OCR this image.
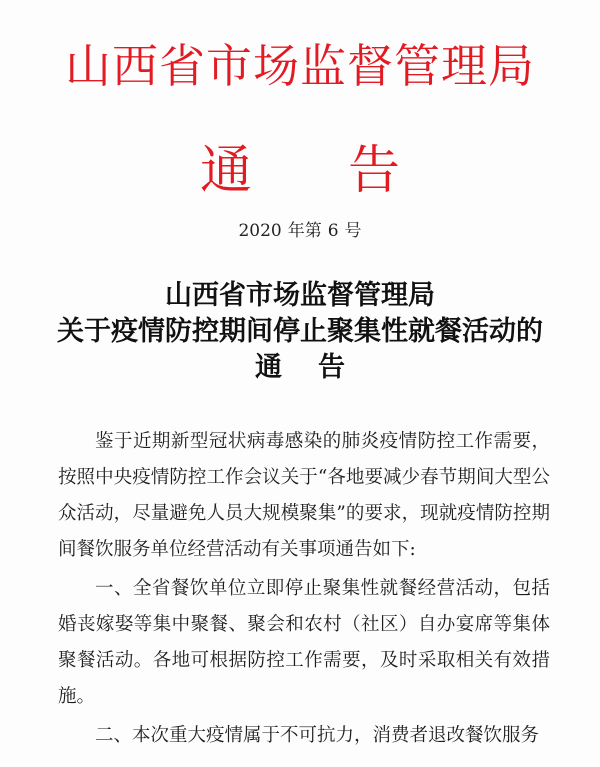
山西省市场监督管理局
通 告
2020 年第 6 号
山西省市场监督管理局
关于疫情防控期间停止聚集性就餐活动的
通 告

鉴于近期新型冠状病毒感染的肺炎疫情防控工作需要，按照中央疫情防控工作会议关于“各地要减少春节期间大型公众活动，尽量避免人员大规模聚集”的要求，现就疫情防控期间餐饮服务单位经营活动有关事项通告如下:

一、全省餐饮单位立即停止聚集性就餐经营活动，包括婚丧嫁娶等集中聚餐、聚会和农村（社区）自办宴席等集体聚餐活动。各地可根据防控工作需要，及时采取相关有效措施。

二、本次重大疫情属于不可抗力，消费者退改餐饮服务
